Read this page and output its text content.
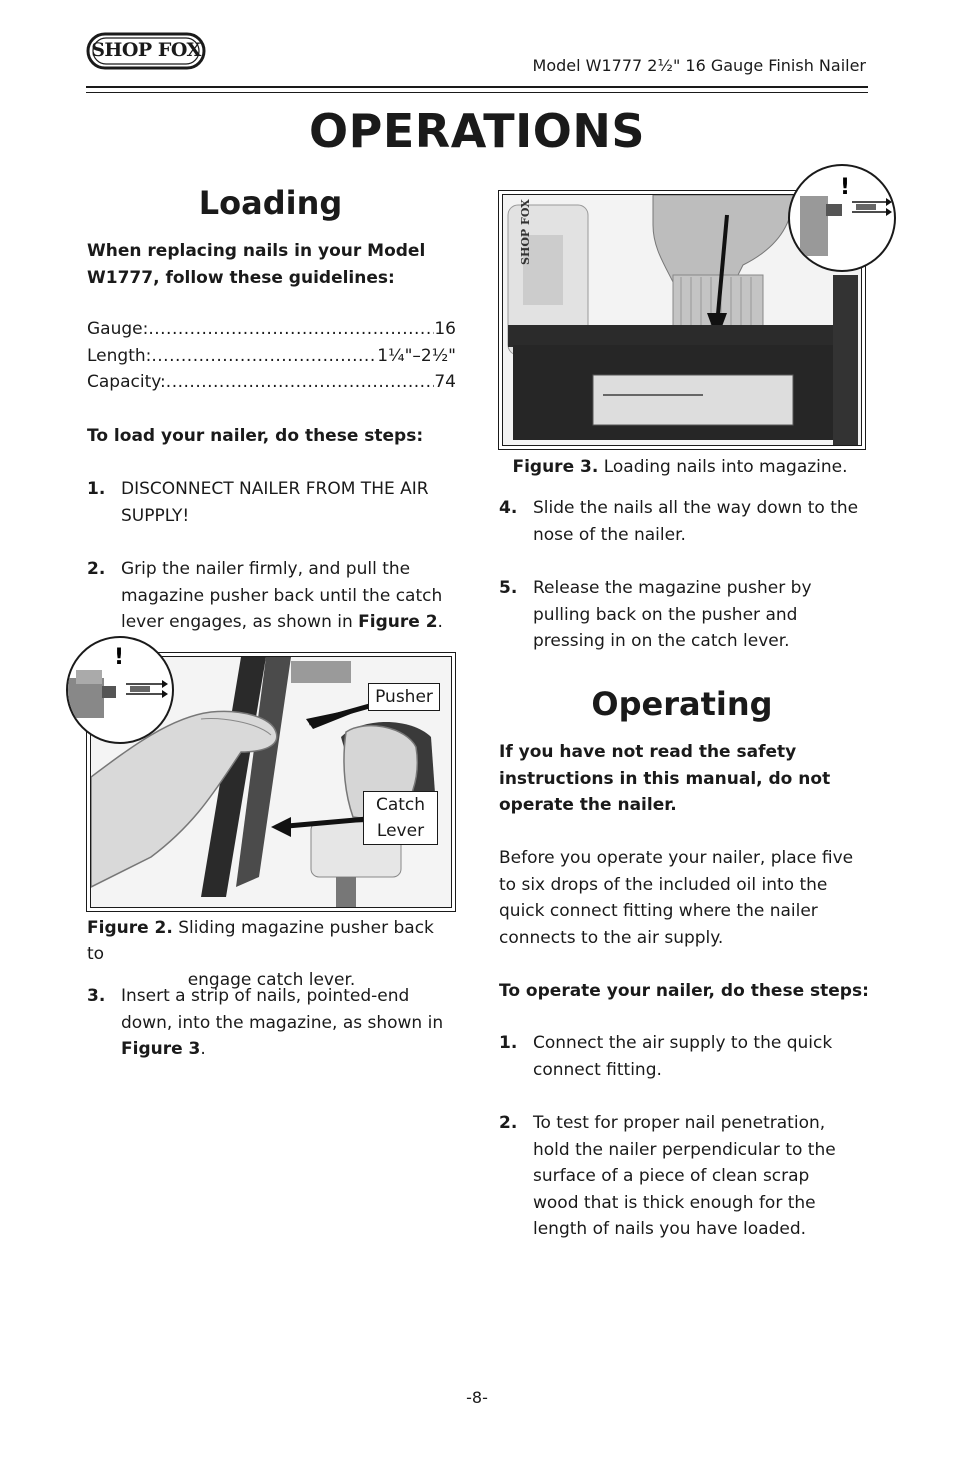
SHOP FOX
Model W1777 2¹⁄₂" 16 Gauge Finish Nailer
OPERATIONS
Loading
When replacing nails in your Model W1777, follow these guidelines:
Gauge: .....	16
Length: .....	1¹⁄₄"–2¹⁄₂"
Capacity: .....	74
To load your nailer, do these steps:
1. DISCONNECT NAILER FROM THE AIR SUPPLY!
2. Grip the nailer firmly, and pull the magazine pusher back until the catch lever engages, as shown in Figure 2.
Pusher
Catch
Lever
!
Figure 2. Sliding magazine pusher back to
engage catch lever.
3. Insert a strip of nails, pointed-end down, into the magazine, as shown in Figure 3.
SHOP FOX
!
Figure 3. Loading nails into magazine.
4. Slide the nails all the way down to the nose of the nailer.
5. Release the magazine pusher by pulling back on the pusher and pressing in on the catch lever.
Operating
If you have not read the safety instructions in this manual, do not operate the nailer.
Before you operate your nailer, place five to six drops of the included oil into the quick connect fitting where the nailer connects to the air supply.
To operate your nailer, do these steps:
1. Connect the air supply to the quick connect fitting.
2. To test for proper nail penetration, hold the nailer perpendicular to the surface of a piece of clean scrap wood that is thick enough for the length of nails you have loaded.
-8-
